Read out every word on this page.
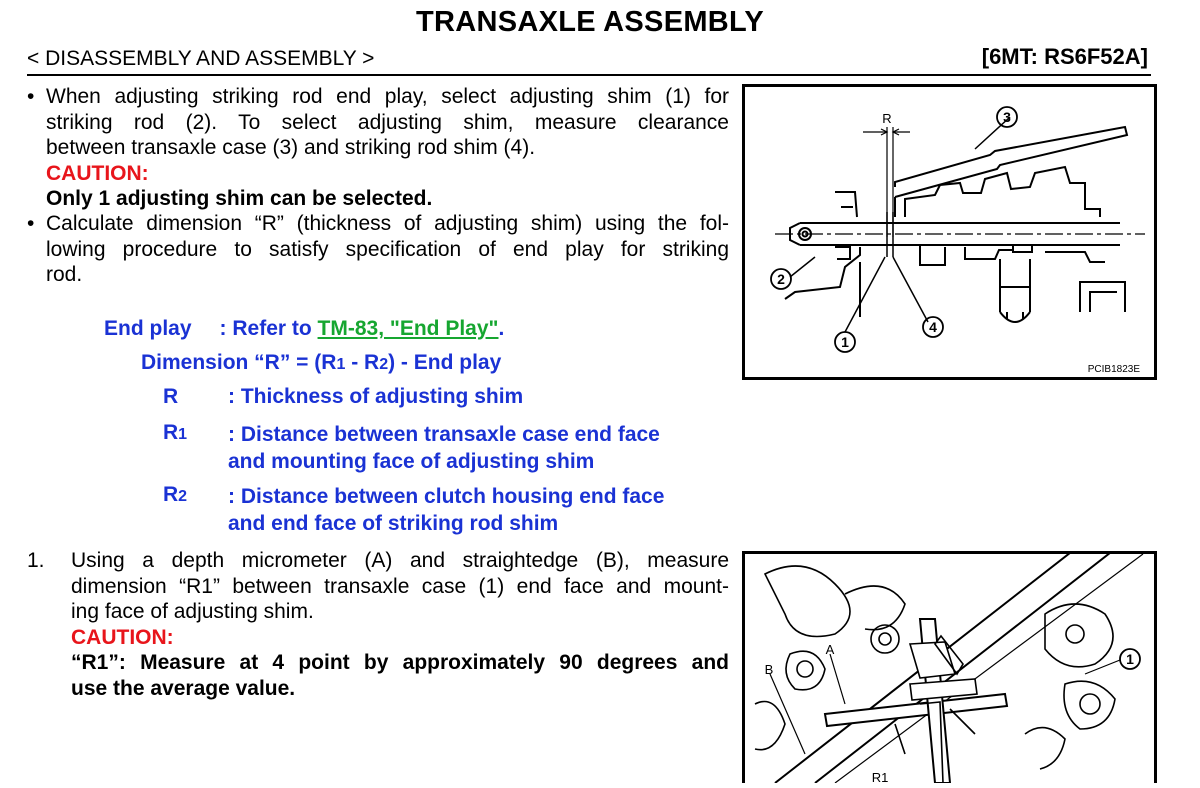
TRANSAXLE ASSEMBLY
< DISASSEMBLY AND ASSEMBLY >	[6MT: RS6F52A]
• When adjusting striking rod end play, select adjusting shim (1) for
striking rod (2). To select adjusting shim, measure clearance
between transaxle case (3) and striking rod shim (4).
CAUTION:
Only 1 adjusting shim can be selected.
• Calculate dimension “R” (thickness of adjusting shim) using the fol-
lowing procedure to satisfy specification of end play for striking
rod.
End play : Refer to TM-83, "End Play".
Dimension “R” = (R1 - R2) - End play
R : Thickness of adjusting shim
R1 : Distance between transaxle case end face
and mounting face of adjusting shim
R2 : Distance between clutch housing end face
and end face of striking rod shim
1. Using a depth micrometer (A) and straightedge (B), measure
dimension “R1” between transaxle case (1) end face and mount-
ing face of adjusting shim.
CAUTION:
“R1”: Measure at 4 point by approximately 90 degrees and
use the average value.
3
2
1
4
R
PCIB1823E
A
B
1
R1
